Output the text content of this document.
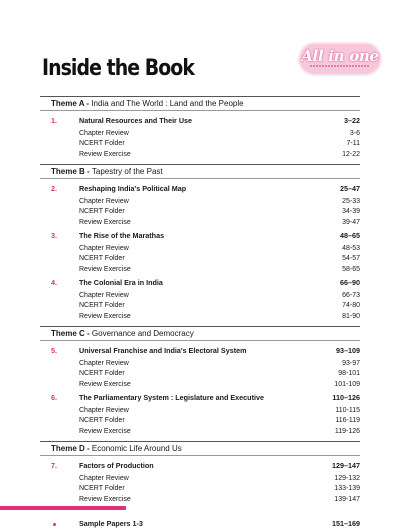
Inside the Book	All in one
Theme A - India and The World : Land and the People
1.	Natural Resources and Their Use	3–22
Chapter Review	3-6
NCERT Folder	7-11
Review Exercise	12-22
Theme B - Tapestry of the Past
2.	Reshaping India's Political Map	25–47
Chapter Review	25-33
NCERT Folder	34-39
Review Exercise	39-47
3.	The Rise of the Marathas	48–65
Chapter Review	48-53
NCERT Folder	54-57
Review Exercise	58-65
4.	The Colonial Era in India	66–90
Chapter Review	66-73
NCERT Folder	74-80
Review Exercise	81-90
Theme C - Governance and Democracy
5.	Universal Franchise and India's Electoral System	93–109
Chapter Review	93-97
NCERT Folder	98-101
Review Exercise	101-109
6.	The Parliamentary System : Legislature and Executive	110–126
Chapter Review	110-115
NCERT Folder	116-119
Review Exercise	119-126
Theme D - Economic Life Around Us
7.	Factors of Production	129–147
Chapter Review	129-132
NCERT Folder	133-139
Review Exercise	139-147
Sample Papers 1-3	151–169
